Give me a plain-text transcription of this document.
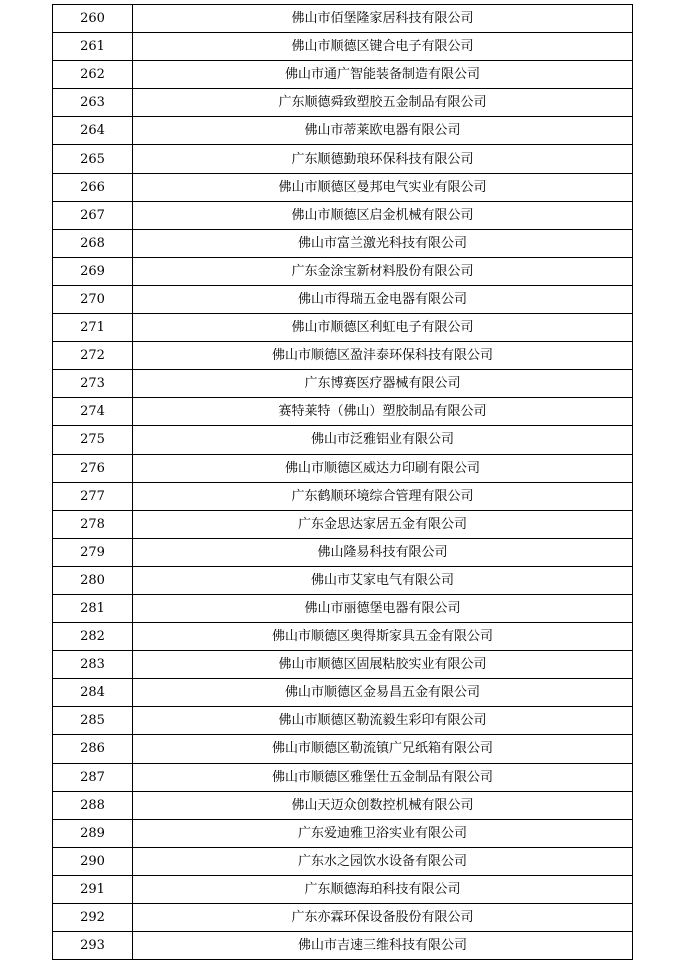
260	佛山市佰堡隆家居科技有限公司
261	佛山市顺德区键合电子有限公司
262	佛山市通广智能装备制造有限公司
263	广东顺德舜致塑胶五金制品有限公司
264	佛山市蒂莱欧电器有限公司
265	广东顺德勤琅环保科技有限公司
266	佛山市顺德区曼邦电气实业有限公司
267	佛山市顺德区启金机械有限公司
268	佛山市富兰激光科技有限公司
269	广东金涂宝新材料股份有限公司
270	佛山市得瑞五金电器有限公司
271	佛山市顺德区利虹电子有限公司
272	佛山市顺德区盈沣泰环保科技有限公司
273	广东博赛医疗器械有限公司
274	赛特莱特（佛山）塑胶制品有限公司
275	佛山市泛雅铝业有限公司
276	佛山市顺德区威达力印刷有限公司
277	广东鹤顺环境综合管理有限公司
278	广东金思达家居五金有限公司
279	佛山隆易科技有限公司
280	佛山市艾家电气有限公司
281	佛山市丽德堡电器有限公司
282	佛山市顺德区奥得斯家具五金有限公司
283	佛山市顺德区固展粘胶实业有限公司
284	佛山市顺德区金易昌五金有限公司
285	佛山市顺德区勒流毅生彩印有限公司
286	佛山市顺德区勒流镇广兄纸箱有限公司
287	佛山市顺德区雅堡仕五金制品有限公司
288	佛山天迈众创数控机械有限公司
289	广东爱迪雅卫浴实业有限公司
290	广东水之园饮水设备有限公司
291	广东顺德海珀科技有限公司
292	广东亦霖环保设备股份有限公司
293	佛山市吉速三维科技有限公司
